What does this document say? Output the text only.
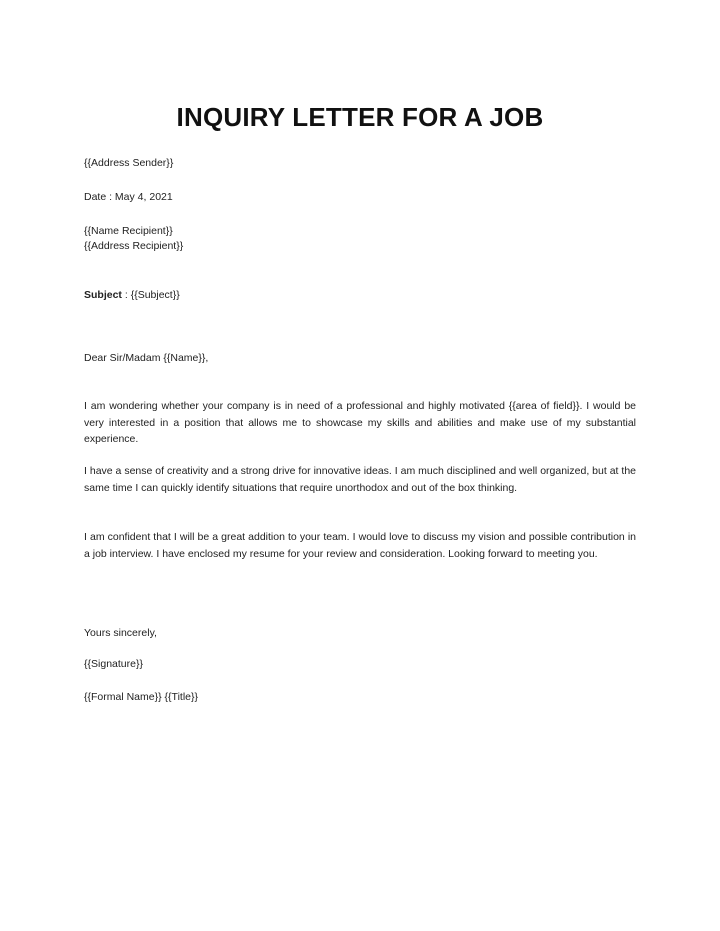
INQUIRY LETTER FOR A JOB
{{Address Sender}}
Date : May 4, 2021
{{Name Recipient}}
{{Address Recipient}}
Subject : {{Subject}}
Dear Sir/Madam {{Name}},
I am wondering whether your company is in need of a professional and highly motivated {{area of field}}. I would be very interested in a position that allows me to showcase my skills and abilities and make use of my substantial experience.
I have a sense of creativity and a strong drive for innovative ideas. I am much disciplined and well organized, but at the same time I can quickly identify situations that require unorthodox and out of the box thinking.
I am confident that I will be a great addition to your team. I would love to discuss my vision and possible contribution in a job interview. I have enclosed my resume for your review and consideration. Looking forward to meeting you.
Yours sincerely,
{{Signature}}
{{Formal Name}} {{Title}}
